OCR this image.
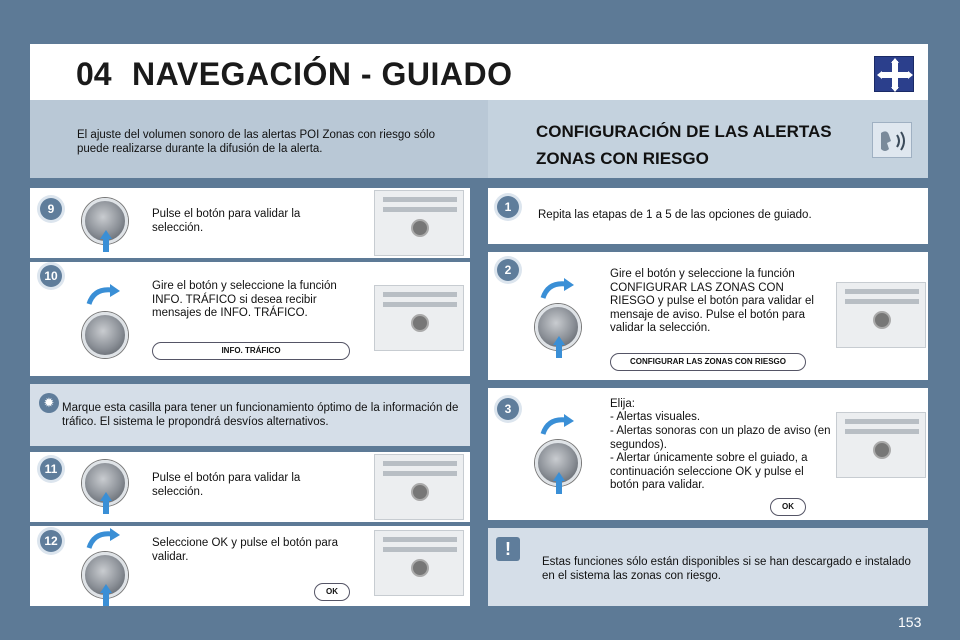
04 NAVEGACIÓN - GUIADO
El ajuste del volumen sonoro de las alertas POI Zonas con riesgo sólo puede realizarse durante la difusión de la alerta.
CONFIGURACIÓN DE LAS ALERTAS ZONAS CON RIESGO
9	Pulse el botón para validar la selección.
10
Gire el botón y seleccione la función INFO. TRÁFICO si desea recibir mensajes de INFO. TRÁFICO.
INFO. TRÁFICO
✹ Marque esta casilla para tener un funcionamiento óptimo de la información de tráfico. El sistema le propondrá desvíos alternativos.
11
Pulse el botón para validar la selección.
12	Seleccione OK y pulse el botón para validar.
OK
1
Repita las etapas de 1 a 5 de las opciones de guiado.
2	Gire el botón y seleccione la función CONFIGURAR LAS ZONAS CON RIESGO y pulse el botón para validar el mensaje de aviso. Pulse el botón para validar la selección.
CONFIGURAR LAS ZONAS CON RIESGO
3	Elija:
- Alertas visuales.
- Alertas sonoras con un plazo de aviso (en segundos).
- Alertar únicamente sobre el guiado, a continuación seleccione OK y pulse el botón para validar.
OK
!
Estas funciones sólo están disponibles si se han descargado e instalado en el sistema las zonas con riesgo.
153
